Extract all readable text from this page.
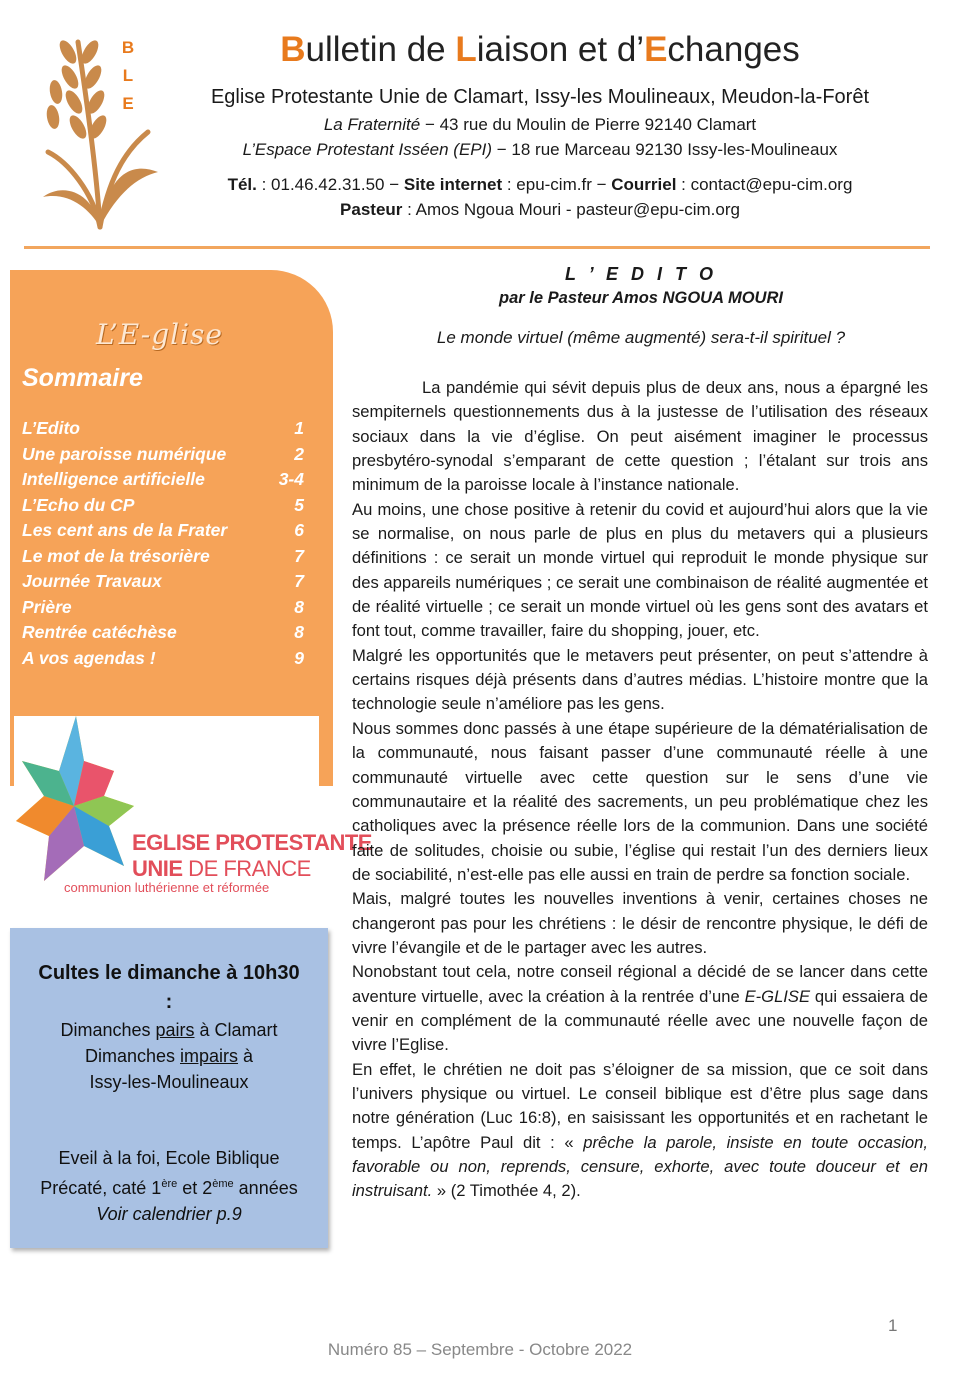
B
L
E
Bulletin de Liaison et d’Echanges
Eglise Protestante Unie de Clamart, Issy-les Moulineaux, Meudon-la-Forêt
La Fraternité − 43 rue du Moulin de Pierre 92140 Clamart
L’Espace Protestant Isséen (EPI) − 18 rue Marceau 92130 Issy-les-Moulineaux
Tél. : 01.46.42.31.50 − Site internet : epu-cim.fr − Courriel : contact@epu-cim.org
Pasteur : Amos Ngoua Mouri - pasteur@epu-cim.org
L’E-glise
Sommaire
L’Edito	1
Une paroisse numérique	2
Intelligence artificielle	3-4
L’Echo du CP	5
Les cent ans de la Frater	6
Le mot de la trésorière	7
Journée Travaux	7
Prière	8
Rentrée catéchèse	8
A vos agendas !	9
EGLISE PROTESTANTE
UNIE DE FRANCE
communion luthérienne et réformée
Cultes le dimanche à 10h30 :
Dimanches pairs à Clamart
Dimanches impairs à
Issy-les-Moulineaux
Eveil à la foi, Ecole Biblique
Précaté, caté 1ère et 2ème années
Voir calendrier p.9
L ’ E D I T O
par le Pasteur Amos NGOUA MOURI
Le monde virtuel (même augmenté) sera-t-il spirituel ?

La pandémie qui sévit depuis plus de deux ans, nous a épargné les sempiternels questionnements dus à la justesse de l’utilisation des réseaux sociaux dans la vie d’église. On peut aisément imaginer le processus presbytéro-synodal s’emparant de cette question ; l’étalant sur trois ans minimum de la paroisse locale à l’instance nationale.

Au moins, une chose positive à retenir du covid et aujourd’hui alors que la vie se normalise, on nous parle de plus en plus du metavers qui a plusieurs définitions : ce serait un monde virtuel qui reproduit le monde physique sur des appareils numériques ; ce serait une combinaison de réalité augmentée et de réalité virtuelle ; ce serait un monde virtuel où les gens sont des avatars et font tout, comme travailler, faire du shopping, jouer, etc.

Malgré les opportunités que le metavers peut présenter, on peut s’attendre à certains risques déjà présents dans d’autres médias. L’histoire montre que la technologie seule n’améliore pas les gens.

Nous sommes donc passés à une étape supérieure de la dématérialisation de la communauté, nous faisant passer d’une communauté réelle à une communauté virtuelle avec cette question sur le sens d’une vie communautaire et la réalité des sacrements, un peu problématique chez les catholiques avec la présence réelle lors de la communion. Dans une société faite de solitudes, choisie ou subie, l’église qui restait l’un des derniers lieux de sociabilité, n’est-elle pas elle aussi en train de perdre sa fonction sociale.

Mais, malgré toutes les nouvelles inventions à venir, certaines choses ne changeront pas pour les chrétiens : le désir de rencontre physique, le défi de vivre l’évangile et de le partager avec les autres.

Nonobstant tout cela, notre conseil régional a décidé de se lancer dans cette aventure virtuelle, avec la création à la rentrée d’une E-GLISE qui essaiera de venir en complément de la communauté réelle avec une nouvelle façon de vivre l’Eglise.

En effet, le chrétien ne doit pas s’éloigner de sa mission, que ce soit dans l’univers physique ou virtuel. Le conseil biblique est d’être plus sage dans notre génération (Luc 16:8), en saisissant les opportunités et en rachetant le temps. L’apôtre Paul dit : « prêche la parole, insiste en toute occasion, favorable ou non, reprends, censure, exhorte, avec toute douceur et en instruisant. » (2 Timothée 4, 2).

1
Numéro 85 – Septembre - Octobre 2022
